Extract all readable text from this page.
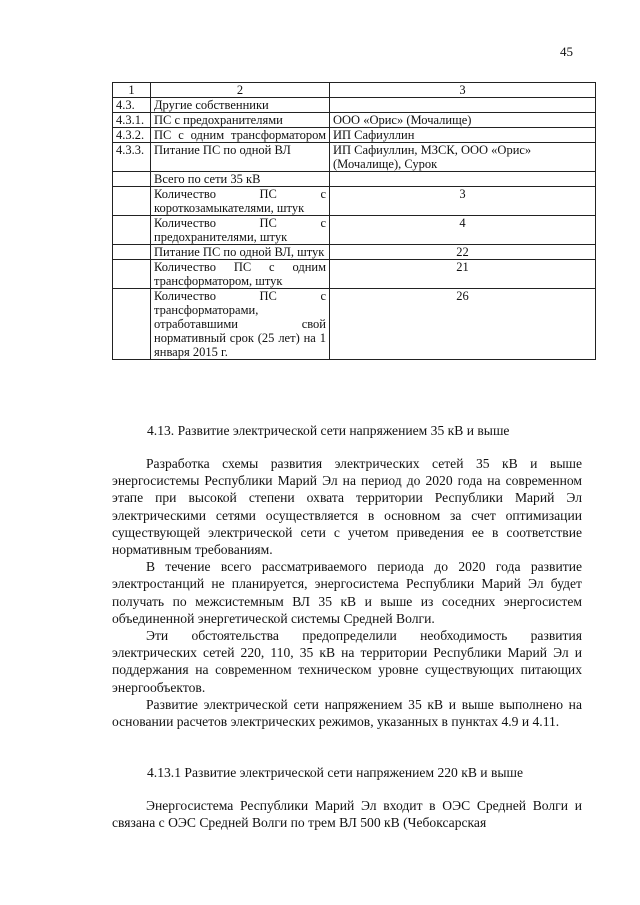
45
1	2	3
4.3.	Другие собственники	
4.3.1.	ПС с предохранителями	ООО «Орис» (Мочалище)
4.3.2.	ПС с одним трансформатором	ИП Сафиуллин
4.3.3.	Питание ПС по одной ВЛ	ИП Сафиуллин, МЗСК, ООО «Орис» (Мочалище), Сурок
	Всего по сети 35 кВ	
	Количество ПС с короткозамыкателями, штук	3
	Количество ПС с предохранителями, штук	4
	Питание ПС по одной ВЛ, штук	22
	Количество ПС с одним трансформатором, штук	21
	Количество ПС с трансформаторами, отработавшими свой нормативный срок (25 лет) на 1 января 2015 г.	26
4.13. Развитие электрической сети напряжением 35 кВ и выше

Разработка схемы развития электрических сетей 35 кВ и выше энергосистемы Республики Марий Эл на период до 2020 года на современном этапе при высокой степени охвата территории Республики Марий Эл электрическими сетями осуществляется в основном за счет оптимизации существующей электрической сети с учетом приведения ее в соответствие нормативным требованиям.

В течение всего рассматриваемого периода до 2020 года развитие электростанций не планируется, энергосистема Республики Марий Эл будет получать по межсистемным ВЛ 35 кВ и выше из соседних энергосистем объединенной энергетической системы Средней Волги.

Эти обстоятельства предопределили необходимость развития электрических сетей 220, 110, 35 кВ на территории Республики Марий Эл и поддержания на современном техническом уровне существующих питающих энергообъектов.

Развитие электрической сети напряжением 35 кВ и выше выполнено на основании расчетов электрических режимов, указанных в пунктах 4.9 и 4.11.

4.13.1 Развитие электрической сети напряжением 220 кВ и выше

Энергосистема Республики Марий Эл входит в ОЭС Средней Волги и связана с ОЭС Средней Волги по трем ВЛ 500 кВ (Чебоксарская
